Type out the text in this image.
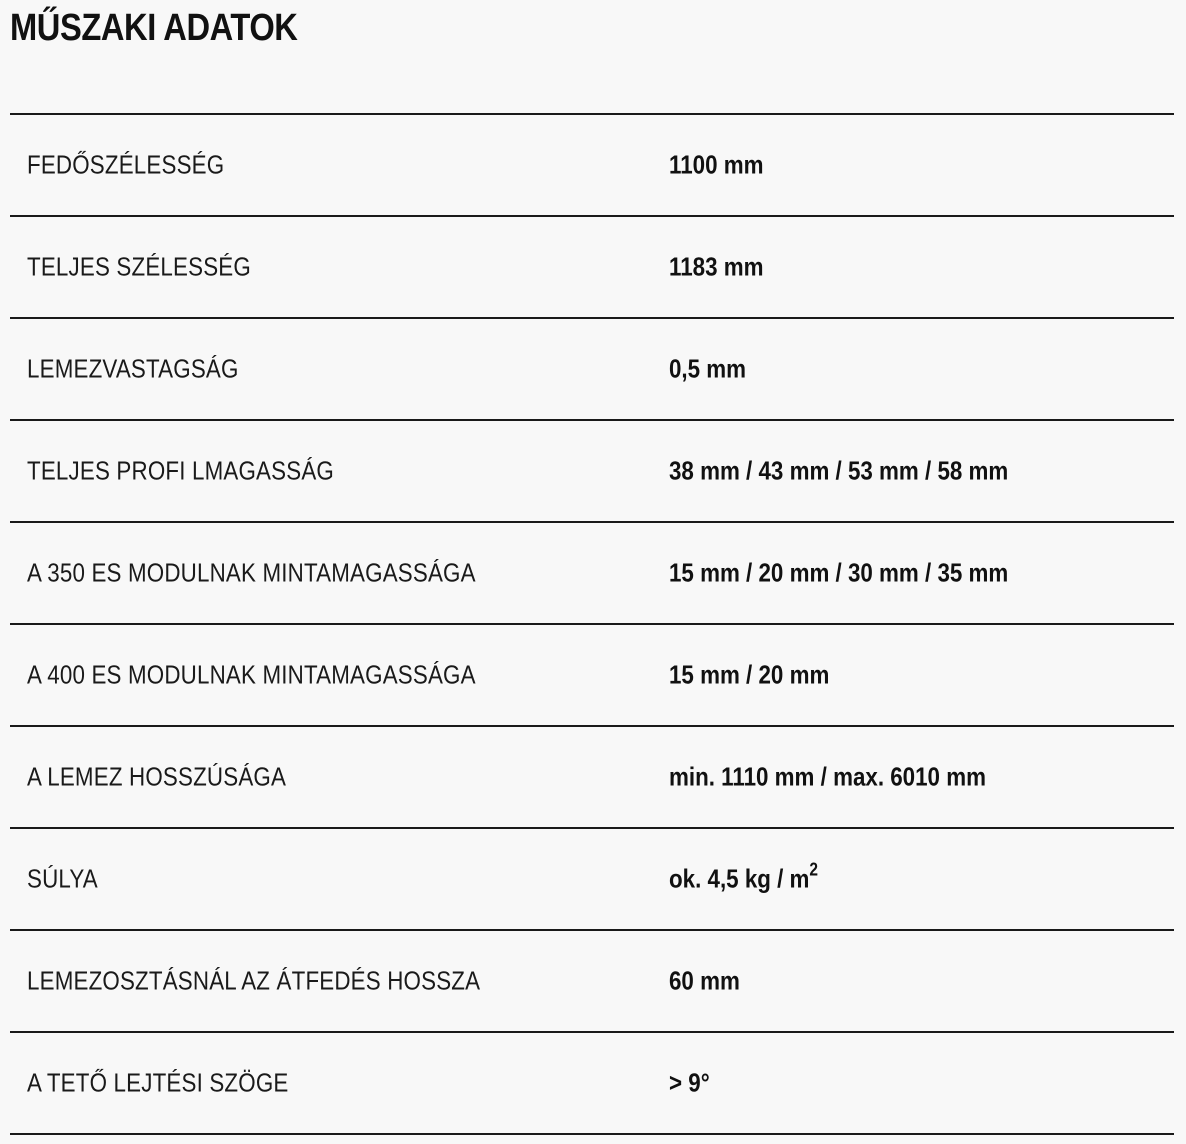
MŰSZAKI ADATOK
FEDŐSZÉLESSÉG	1100 mm
TELJES SZÉLESSÉG	1183 mm
LEMEZVASTAGSÁG	0,5 mm
TELJES PROFI LMAGASSÁG	38 mm / 43 mm / 53 mm / 58 mm
A 350 ES MODULNAK MINTAMAGASSÁGA	15 mm / 20 mm / 30 mm / 35 mm
A 400 ES MODULNAK MINTAMAGASSÁGA	15 mm / 20 mm
A LEMEZ HOSSZÚSÁGA	min. 1110 mm / max. 6010 mm
SÚLYA	ok. 4,5 kg / $m^2$
LEMEZOSZTÁSNÁL AZ ÁTFEDÉS HOSSZA	60 mm
A TETŐ LEJTÉSI SZÖGE	> 9°
